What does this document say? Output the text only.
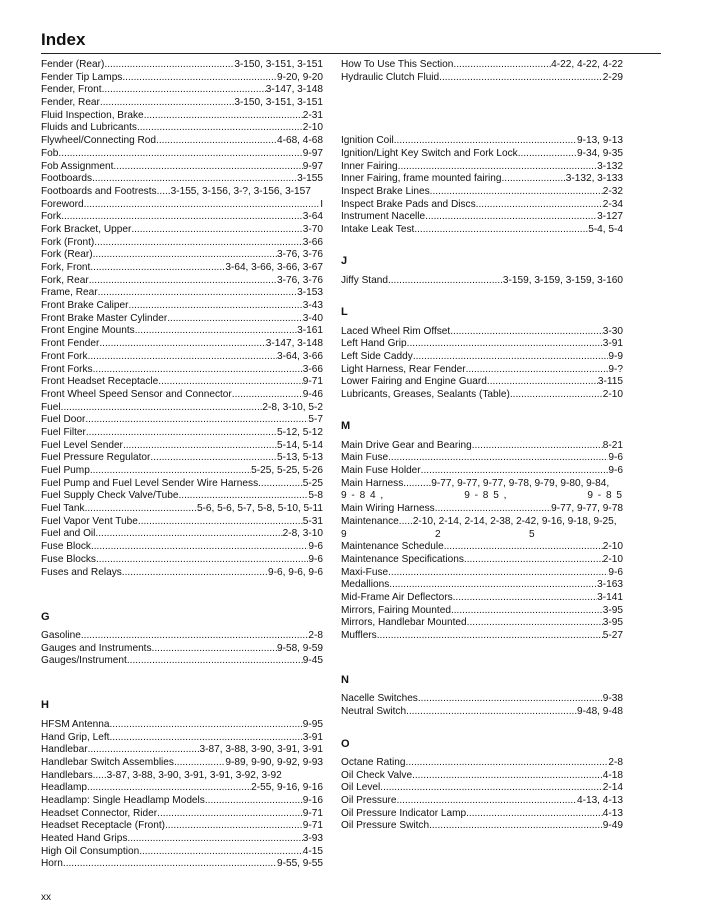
Index
Fender (Rear) .....	3-150, 3-151, 3-151
Fender Tip Lamps .....	9-20, 9-20
Fender, Front .....	3-147, 3-148
Fender, Rear .....	3-150, 3-151, 3-151
Fluid Inspection, Brake .....	2-31
Fluids and Lubricants .....	2-10
Flywheel/Connecting Rod .....	4-68, 4-68
Fob .....	9-97
Fob Assignment .....	9-97
Footboards .....	3-155
Footboards and Footrests.....3-155, 3-156, 3-?, 3-156, 3-157
Foreword .....	I
Fork .....	3-64
Fork Bracket, Upper .....	3-70
Fork (Front) .....	3-66
Fork (Rear) .....	3-76, 3-76
Fork, Front .....	3-64, 3-66, 3-66, 3-67
Fork, Rear .....	3-76, 3-76
Frame, Rear .....	3-153
Front Brake Caliper .....	3-43
Front Brake Master Cylinder .....	3-40
Front Engine Mounts .....	3-161
Front Fender .....	3-147, 3-148
Front Fork .....	3-64, 3-66
Front Forks .....	3-66
Front Headset Receptacle .....	9-71
Front Wheel Speed Sensor and Connector .....	9-46
Fuel .....	2-8, 3-10, 5-2
Fuel Door .....	5-7
Fuel Filter .....	5-12, 5-12
Fuel Level Sender .....	5-14, 5-14
Fuel Pressure Regulator .....	5-13, 5-13
Fuel Pump .....	5-25, 5-25, 5-26
Fuel Pump and Fuel Level Sender Wire Harness .....	5-25
Fuel Supply Check Valve/Tube .....	5-8
Fuel Tank .....	5-6, 5-6, 5-7, 5-8, 5-10, 5-11
Fuel Vapor Vent Tube .....	5-31
Fuel and Oil .....	2-8, 3-10
Fuse Block .....	9-6
Fuse Blocks .....	9-6
Fuses and Relays .....	9-6, 9-6, 9-6
G
Gasoline .....	2-8
Gauges and Instruments .....	9-58, 9-59
Gauges/Instrument .....	9-45
H
HFSM Antenna .....	9-95
Hand Grip, Left .....	3-91
Handlebar .....	3-87, 3-88, 3-90, 3-91, 3-91
Handlebar Switch Assemblies .....	9-89, 9-90, 9-92, 9-93
Handlebars.....3-87, 3-88, 3-90, 3-91, 3-91, 3-92, 3-92
Headlamp .....	2-55, 9-16, 9-16
Headlamp: Single Headlamp Models .....	9-16
Headset Connector, Rider .....	9-71
Headset Receptacle (Front) .....	9-71
Heated Hand Grips .....	3-93
High Oil Consumption .....	4-15
Horn .....	9-55, 9-55
How To Use This Section .....	4-22, 4-22, 4-22
Hydraulic Clutch Fluid .....	2-29
Ignition Coil .....	9-13, 9-13
Ignition/Light Key Switch and Fork Lock .....	9-34, 9-35
Inner Fairing .....	3-132
Inner Fairing, frame mounted fairing .....	3-132, 3-133
Inspect Brake Lines .....	2-32
Inspect Brake Pads and Discs .....	2-34
Instrument Nacelle .....	3-127
Intake Leak Test .....	5-4, 5-4
J
Jiffy Stand .....	3-159, 3-159, 3-159, 3-160
L
Laced Wheel Rim Offset .....	3-30
Left Hand Grip .....	3-91
Left Side Caddy .....	9-9
Light Harness, Rear Fender .....	9-?
Lower Fairing and Engine Guard .....	3-115
Lubricants, Greases, Sealants (Table) .....	2-10
M
Main Drive Gear and Bearing .....	8-21
Main Fuse .....	9-6
Main Fuse Holder .....	9-6
Main Harness..........9-77, 9-77, 9-77, 9-78, 9-79, 9-80, 9-84,
9 - 8 4 ,	9 - 8 5 ,	9 - 8 5
Main Wiring Harness .....	9-77, 9-77, 9-78
Maintenance.....2-10, 2-14, 2-14, 2-38, 2-42, 9-16, 9-18, 9-25,
9	2	5
Maintenance Schedule .....	2-10
Maintenance Specifications .....	2-10
Maxi-Fuse .....	9-6
Medallions .....	3-163
Mid-Frame Air Deflectors .....	3-141
Mirrors, Fairing Mounted .....	3-95
Mirrors, Handlebar Mounted .....	3-95
Mufflers .....	5-27
N
Nacelle Switches .....	9-38
Neutral Switch .....	9-48, 9-48
O
Octane Rating .....	2-8
Oil Check Valve .....	4-18
Oil Level .....	2-14
Oil Pressure .....	4-13, 4-13
Oil Pressure Indicator Lamp .....	4-13
Oil Pressure Switch .....	9-49
xx
